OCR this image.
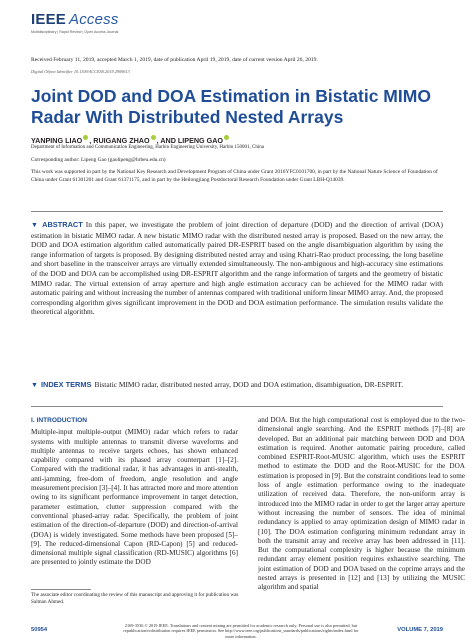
IEEE Access
Multidisciplinary | Rapid Review | Open Access Journal
Received February 11, 2019, accepted March 1, 2019, date of publication April 19, 2019, date of current version April 26, 2019.
Digital Object Identifier 10.1109/ACCESS.2019.2909613
Joint DOD and DOA Estimation in Bistatic MIMO Radar With Distributed Nested Arrays
YANPING LIAO , RUIGANG ZHAO , AND LIPENG GAO
Department of Information and Communication Engineering, Harbin Engineering University, Harbin 150001, China
Corresponding author: Lipeng Gao (gaolipeng@hrbeu.edu.cn)
This work was supported in part by the National Key Research and Development Program of China under Grant 2016YFC0101700, in part by the National Nature Science of Foundation of China under Grant 61301201 and Grant 61371175, and in part by the Heilongjiang Postdoctoral Research Foundation under Grant LBH-Q14039.
▼ ABSTRACT In this paper, we investigate the problem of joint direction of departure (DOD) and the direction of arrival (DOA) estimation in bistatic MIMO radar. A new bistatic MIMO radar with the distributed nested array is proposed. Based on the new array, the DOD and DOA estimation algorithm called automatically paired DR-ESPRIT based on the angle disambiguation algorithm by using the range information of targets is proposed. By designing distributed nested array and using Khatri-Rao product processing, the long baseline and short baseline in the transceiver arrays are virtually extended simultaneously. The non-ambiguous and high-accuracy sine estimations of the DOD and DOA can be accomplished using DR-ESPRIT algorithm and the range information of targets and the geometry of bistatic MIMO radar. The virtual extension of array aperture and high angle estimation accuracy can be achieved for the MIMO radar with automatic pairing and without increasing the number of antennas compared with traditional uniform linear MIMO array. And, the proposed corresponding algorithm gives significant improvement in the DOD and DOA estimation performance. The simulation results validate the theoretical algorithm.
▼ INDEX TERMS Bistatic MIMO radar, distributed nested array, DOD and DOA estimation, disambiguation, DR-ESPRIT.
I. INTRODUCTION

Multiple-input multiple-output (MIMO) radar which refers to radar systems with multiple antennas to transmit diverse waveforms and multiple antennas to receive targets echoes, has shown enhanced capability compared with its phased array counterpart [1]–[2]. Compared with the traditional radar, it has advantages in anti-stealth, anti-jamming, free-dom of freedom, angle resolution and angle measurement precision [3]–[4]. It has attracted more and more attention owing to its significant performance improvement in target detection, parameter estimation, clutter suppression compared with the conventional phased-array radar. Specifically, the problem of joint estimation of the direction-of-departure (DOD) and direction-of-arrival (DOA) is widely investigated. Some methods have been proposed [5]–[9]. The reduced-dimensional Capon (RD-Capon) [5] and reduced-dimensional multiple signal classification (RD-MUSIC) algorithms [6] are presented to jointly estimate the DOD

and DOA. But the high computational cost is employed due to the two-dimensional angle searching. And the ESPRIT methods [7]–[8] are developed. But an additional pair matching between DOD and DOA estimation is required. Another automatic pairing procedure, called combined ESPRIT-Root-MUSIC algorithm, which uses the ESPRIT method to estimate the DOD and the Root-MUSIC for the DOA estimation is proposed in [9]. But the constraint conditions lead to some loss of angle estimation performance owing to the inadequate utilization of received data. Therefore, the non-uniform array is introduced into the MIMO radar in order to get the larger array aperture without increasing the number of sensors. The idea of minimal redundancy is applied to array optimization design of MIMO radar in [10]. The DOA estimation configuring minimum redundant array in both the transmit array and receive array has been addressed in [11]. But the computational complexity is higher because the minimum redundant array element position requires exhaustive searching. The joint estimation of DOD and DOA based on the coprime arrays and the nested arrays is presented in [12] and [13] by utilizing the MUSIC algorithm and spatial

The associate editor coordinating the review of this manuscript and approving it for publication was Salman Ahmed.
50954
2169-3536 © 2019 IEEE. Translations and content mining are permitted for academic research only. Personal use is also permitted, but republication/redistribution requires IEEE permission. See http://www.ieee.org/publications_standards/publications/rights/index.html for more information.
VOLUME 7, 2019
